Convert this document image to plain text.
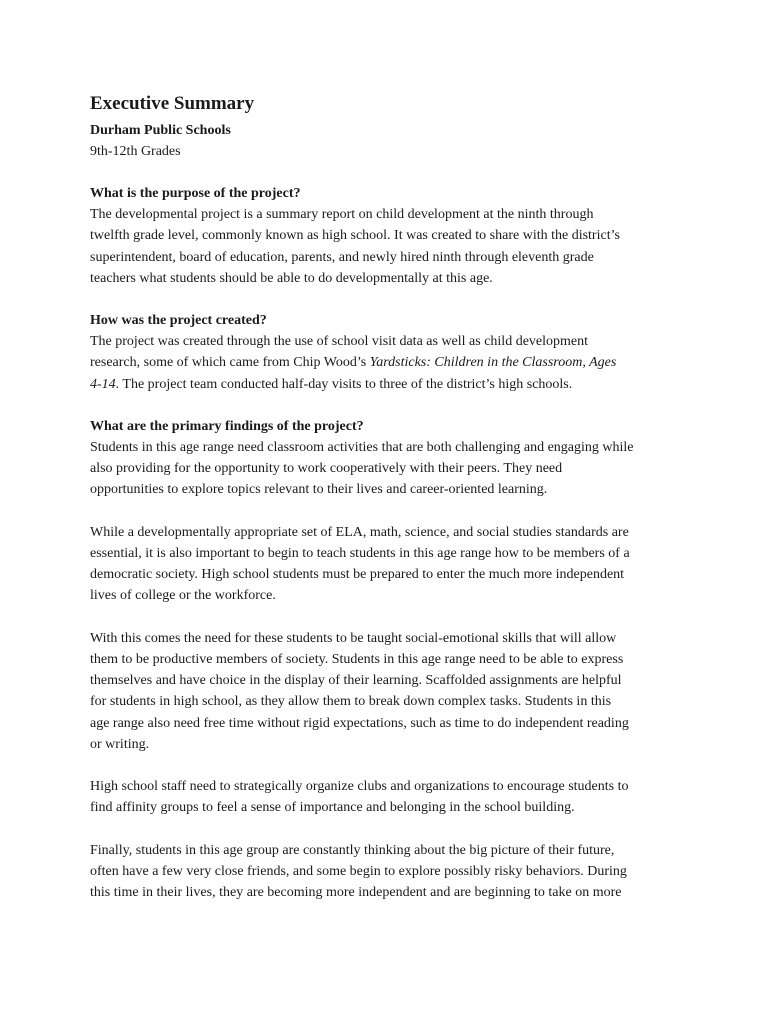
Executive Summary
Durham Public Schools
9th-12th Grades
What is the purpose of the project?

The developmental project is a summary report on child development at the ninth through
twelfth grade level, commonly known as high school. It was created to share with the district’s
superintendent, board of education, parents, and newly hired ninth through eleventh grade
teachers what students should be able to do developmentally at this age.

How was the project created?

The project was created through the use of school visit data as well as child development
research, some of which came from Chip Wood’s Yardsticks: Children in the Classroom, Ages
4-14. The project team conducted half-day visits to three of the district’s high schools.

What are the primary findings of the project?

Students in this age range need classroom activities that are both challenging and engaging while
also providing for the opportunity to work cooperatively with their peers. They need
opportunities to explore topics relevant to their lives and career-oriented learning.

While a developmentally appropriate set of ELA, math, science, and social studies standards are
essential, it is also important to begin to teach students in this age range how to be members of a
democratic society. High school students must be prepared to enter the much more independent
lives of college or the workforce.

With this comes the need for these students to be taught social-emotional skills that will allow
them to be productive members of society. Students in this age range need to be able to express
themselves and have choice in the display of their learning. Scaffolded assignments are helpful
for students in high school, as they allow them to break down complex tasks. Students in this
age range also need free time without rigid expectations, such as time to do independent reading
or writing.

High school staff need to strategically organize clubs and organizations to encourage students to
find affinity groups to feel a sense of importance and belonging in the school building.

Finally, students in this age group are constantly thinking about the big picture of their future,
often have a few very close friends, and some begin to explore possibly risky behaviors. During
this time in their lives, they are becoming more independent and are beginning to take on more
